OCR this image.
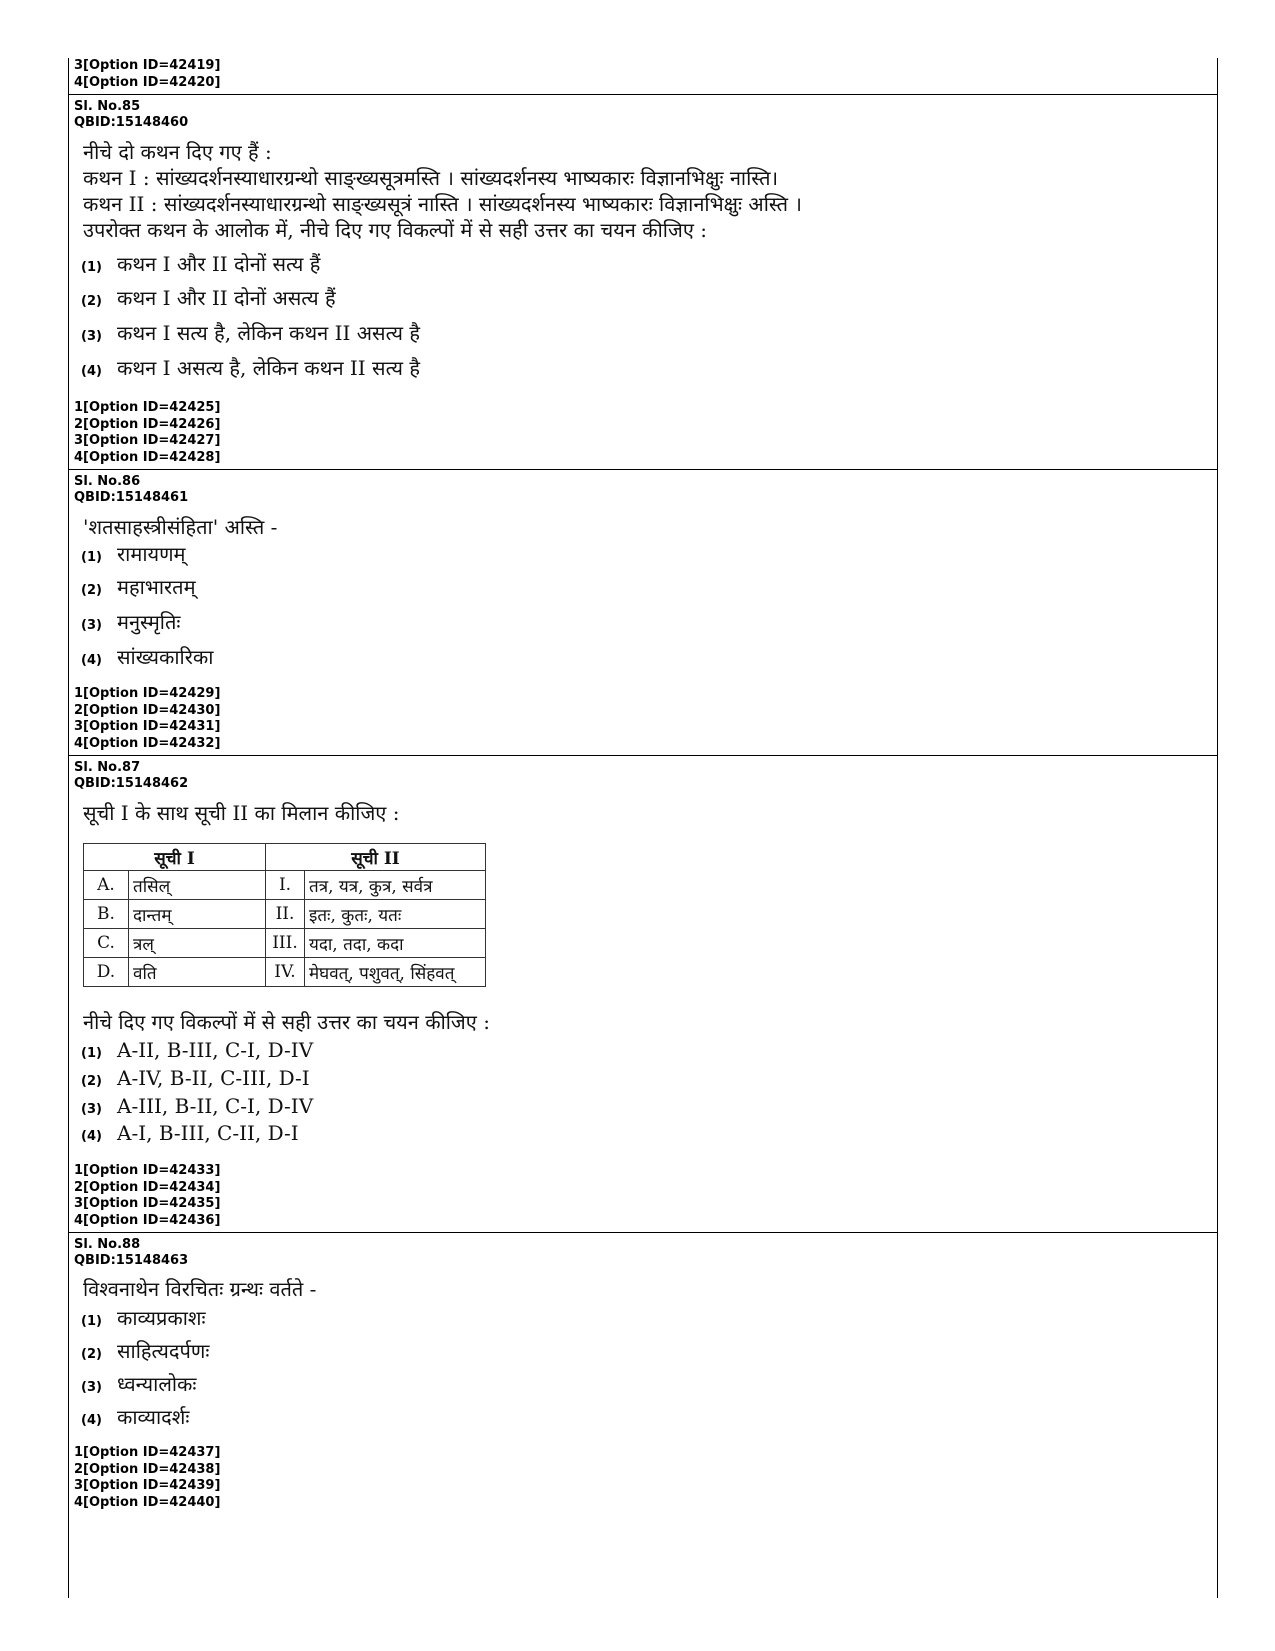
3[Option ID=42419]
4[Option ID=42420]
Sl. No.85
QBID:15148460
नीचे दो कथन दिए गए हैं :
कथन I : सांख्यदर्शनस्याधारग्रन्थो साङ्ख्यसूत्रमस्ति । सांख्यदर्शनस्य भाष्यकारः विज्ञानभिक्षुः नास्ति।
कथन II : सांख्यदर्शनस्याधारग्रन्थो साङ्ख्यसूत्रं नास्ति । सांख्यदर्शनस्य भाष्यकारः विज्ञानभिक्षुः अस्ति ।
उपरोक्त कथन के आलोक में, नीचे दिए गए विकल्पों में से सही उत्तर का चयन कीजिए :
(1) कथन I और II दोनों सत्य हैं
(2) कथन I और II दोनों असत्य हैं
(3) कथन I सत्य है, लेकिन कथन II असत्य है
(4) कथन I असत्य है, लेकिन कथन II सत्य है
1[Option ID=42425]
2[Option ID=42426]
3[Option ID=42427]
4[Option ID=42428]
Sl. No.86
QBID:15148461
'शतसाहस्त्रीसंहिता' अस्ति -
(1) रामायणम्
(2) महाभारतम्
(3) मनुस्मृतिः
(4) सांख्यकारिका
1[Option ID=42429]
2[Option ID=42430]
3[Option ID=42431]
4[Option ID=42432]
Sl. No.87
QBID:15148462
सूची I के साथ सूची II का मिलान कीजिए :
सूची I		सूची II	
A.	तसिल्	I.	तत्र, यत्र, कुत्र, सर्वत्र
B.	दान्तम्	II.	इतः, कुतः, यतः
C.	त्रल्	III.	यदा, तदा, कदा
D.	वति	IV.	मेघवत्, पशुवत्, सिंहवत्
नीचे दिए गए विकल्पों में से सही उत्तर का चयन कीजिए :
(1) A-II, B-III, C-I, D-IV
(2) A-IV, B-II, C-III, D-I
(3) A-III, B-II, C-I, D-IV
(4) A-I, B-III, C-II, D-I
1[Option ID=42433]
2[Option ID=42434]
3[Option ID=42435]
4[Option ID=42436]
Sl. No.88
QBID:15148463
विश्वनाथेन विरचितः ग्रन्थः वर्तते -
(1) काव्यप्रकाशः
(2) साहित्यदर्पणः
(3) ध्वन्यालोकः
(4) काव्यादर्शः
1[Option ID=42437]
2[Option ID=42438]
3[Option ID=42439]
4[Option ID=42440]
